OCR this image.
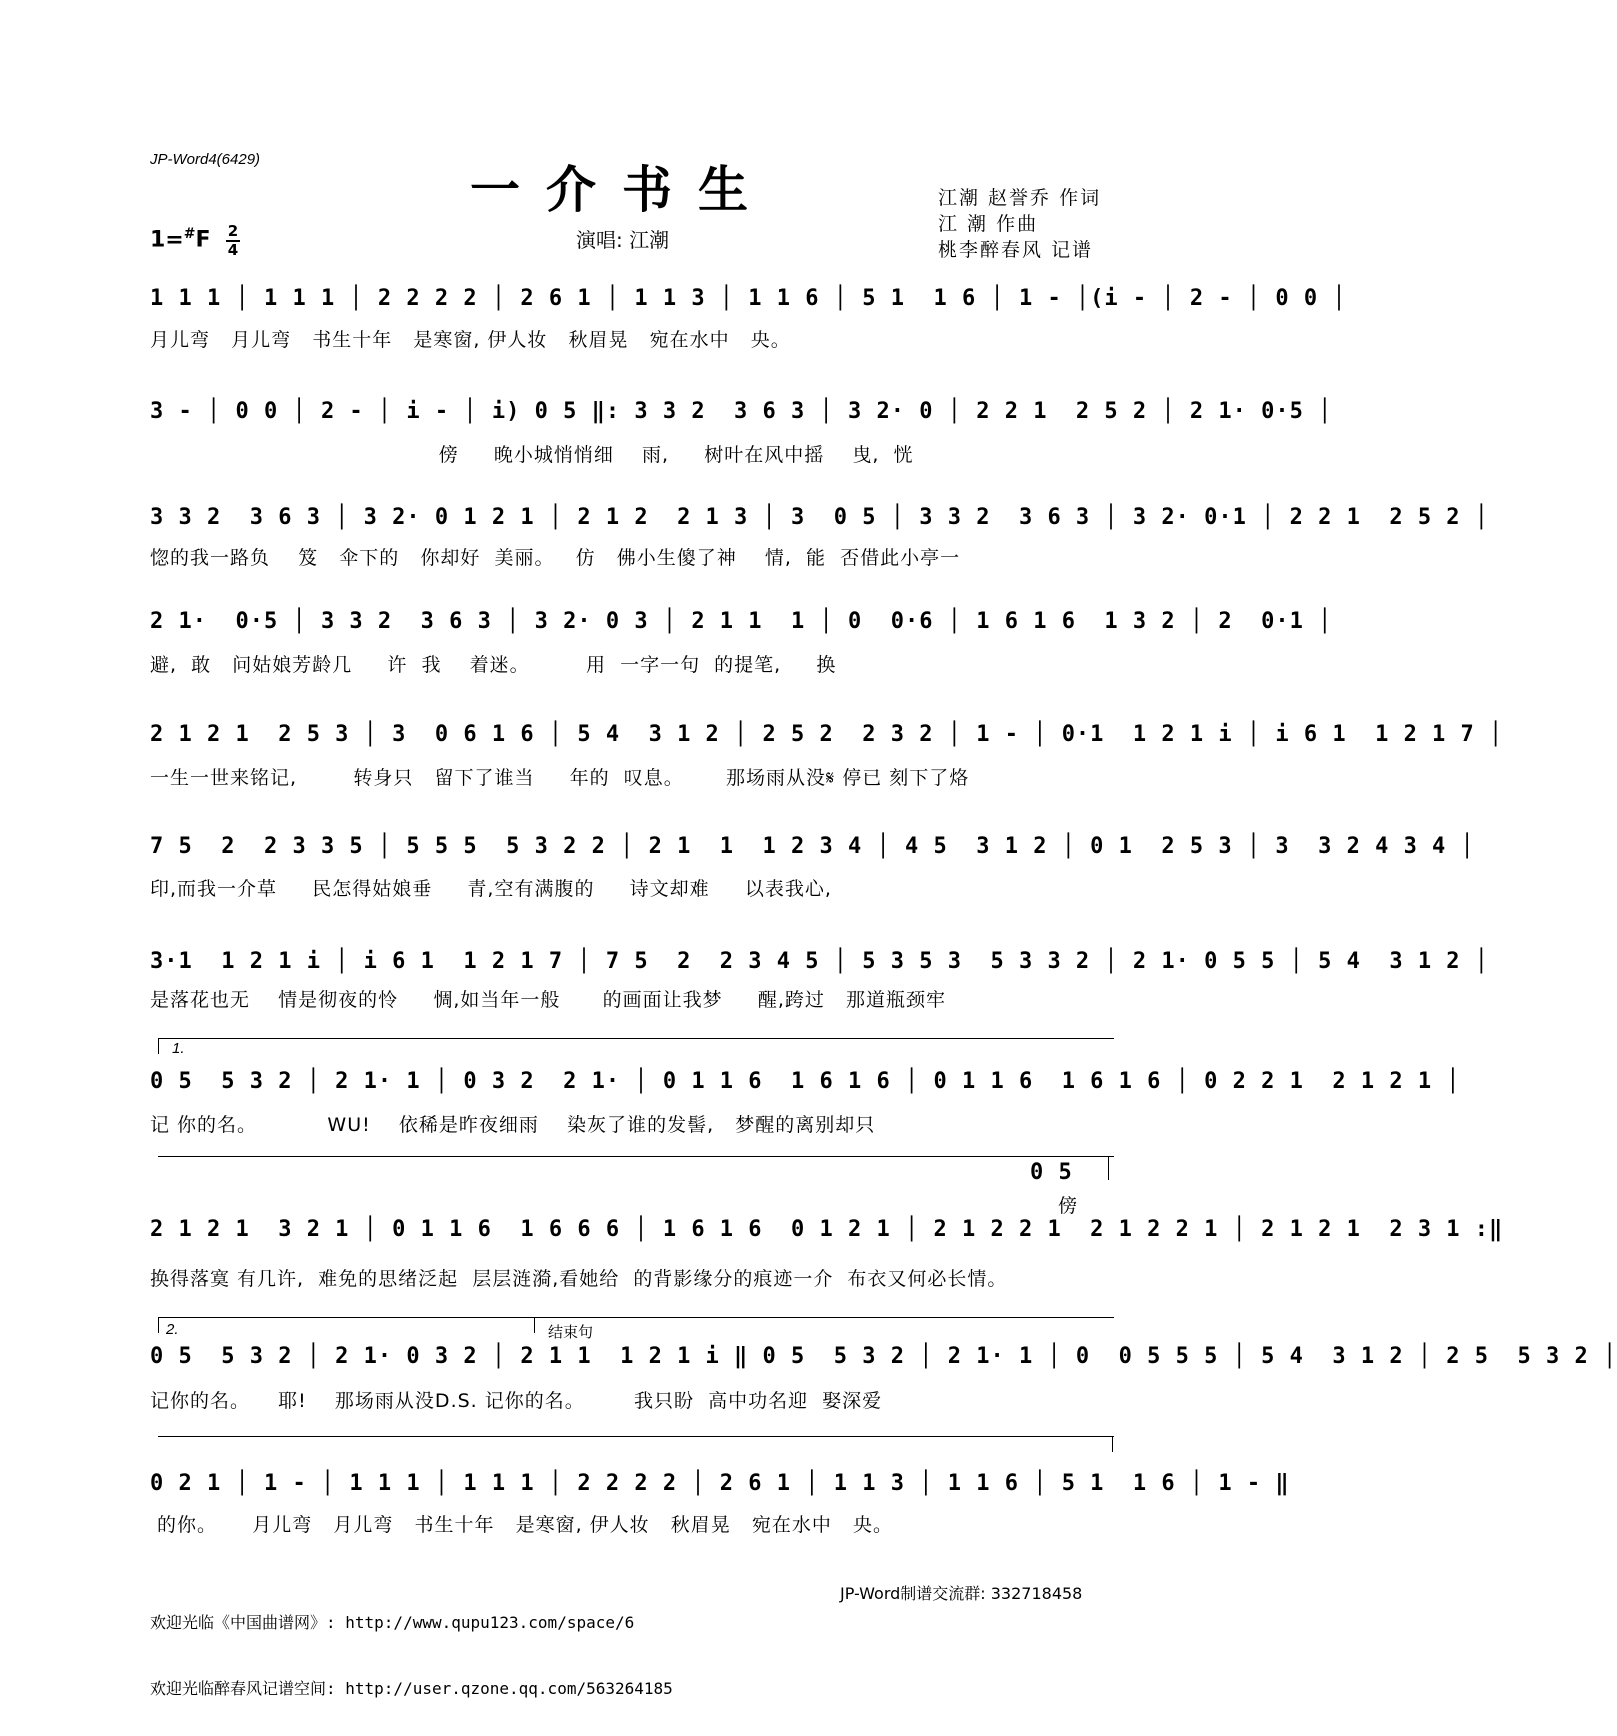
JP-Word4(6429)
一介书生
演唱: 江潮
江潮 赵誉乔 作词
江 潮 作曲
桃李醉春风 记谱
1=#F 2
4
1 1 1 │ 1 1 1 │ 2 2 2 2 │ 2 6 1 │ 1 1 3 │ 1 1 6 │ 5 1  1 6 │ 1 - │(i - │ 2 - │ 0 0 │
月儿弯   月儿弯   书生十年   是寒窗, 伊人妆   秋眉晃   宛在水中   央。
3 - │ 0 0 │ 2 - │ i - │ i) 0 5 ‖: 3 3 2  3 6 3 │ 3 2· 0 │ 2 2 1  2 5 2 │ 2 1· 0·5 │
傍     晚小城悄悄细    雨,     树叶在风中摇    曳,  恍
3 3 2  3 6 3 │ 3 2· 0 1 2 1 │ 2 1 2  2 1 3 │ 3  0 5 │ 3 3 2  3 6 3 │ 3 2· 0·1 │ 2 2 1  2 5 2 │
惚的我一路负    笈   伞下的   你却好  美丽。   仿   佛小生傻了神    情,  能  否借此小亭一
2 1·  0·5 │ 3 3 2  3 6 3 │ 3 2· 0 3 │ 2 1 1  1 │ 0  0·6 │ 1 6 1 6  1 3 2 │ 2  0·1 │
避,  敢   问姑娘芳龄几     许  我    着迷。        用  一字一句  的提笔,     换
2 1 2 1  2 5 3 │ 3  0 6 1 6 │ 5 4  3 1 2 │ 2 5 2  2 3 2 │ 1 - │ 0·1  1 2 1 i │ i 6 1  1 2 1 7 │
一生一世来铭记,        转身只   留下了谁当     年的  叹息。      那场雨从没𝄋 停已 刻下了烙
7 5  2  2 3 3 5 │ 5 5 5  5 3 2 2 │ 2 1  1  1 2 3 4 │ 4 5  3 1 2 │ 0 1  2 5 3 │ 3  3 2 4 3 4 │
印,而我一介草     民怎得姑娘垂     青,空有满腹的     诗文却难     以表我心,
3·1  1 2 1 i │ i 6 1  1 2 1 7 │ 7 5  2  2 3 4 5 │ 5 3 5 3  5 3 3 2 │ 2 1· 0 5 5 │ 5 4  3 1 2 │
是落花也无    情是彻夜的怜     惆,如当年一般      的画面让我梦     醒,跨过   那道瓶颈牢
1.
0 5  5 3 2 │ 2 1· 1 │ 0 3 2  2 1· │ 0 1 1 6  1 6 1 6 │ 0 1 1 6  1 6 1 6 │ 0 2 2 1  2 1 2 1 │
记 你的名。          WU!    依稀是昨夜细雨    染灰了谁的发髻,   梦醒的离别却只
0 5
傍
2 1 2 1  3 2 1 │ 0 1 1 6  1 6 6 6 │ 1 6 1 6  0 1 2 1 │ 2 1 2 2 1  2 1 2 2 1 │ 2 1 2 1  2 3 1 :‖
换得落寞 有几许,  难免的思绪泛起  层层涟漪,看她给  的背影缘分的痕迹一介  布衣又何必长情。
2.	结束句
0 5  5 3 2 │ 2 1· 0 3 2 │ 2 1 1  1 2 1 i ‖ 0 5  5 3 2 │ 2 1· 1 │ 0  0 5 5 5 │ 5 4  3 1 2 │ 2 5  5 3 2 │
记你的名。    耶!    那场雨从没D.S. 记你的名。       我只盼  高中功名迎  娶深爱
0 2 1 │ 1 - │ 1 1 1 │ 1 1 1 │ 2 2 2 2 │ 2 6 1 │ 1 1 3 │ 1 1 6 │ 5 1  1 6 │ 1 - ‖
的你。     月儿弯   月儿弯   书生十年   是寒窗, 伊人妆   秋眉晃   宛在水中   央。

欢迎光临《中国曲谱网》: http://www.qupu123.com/space/6

欢迎光临醉春风记谱空间: http://user.qzone.qq.com/563264185

JP-Word制谱交流群: 332718458
